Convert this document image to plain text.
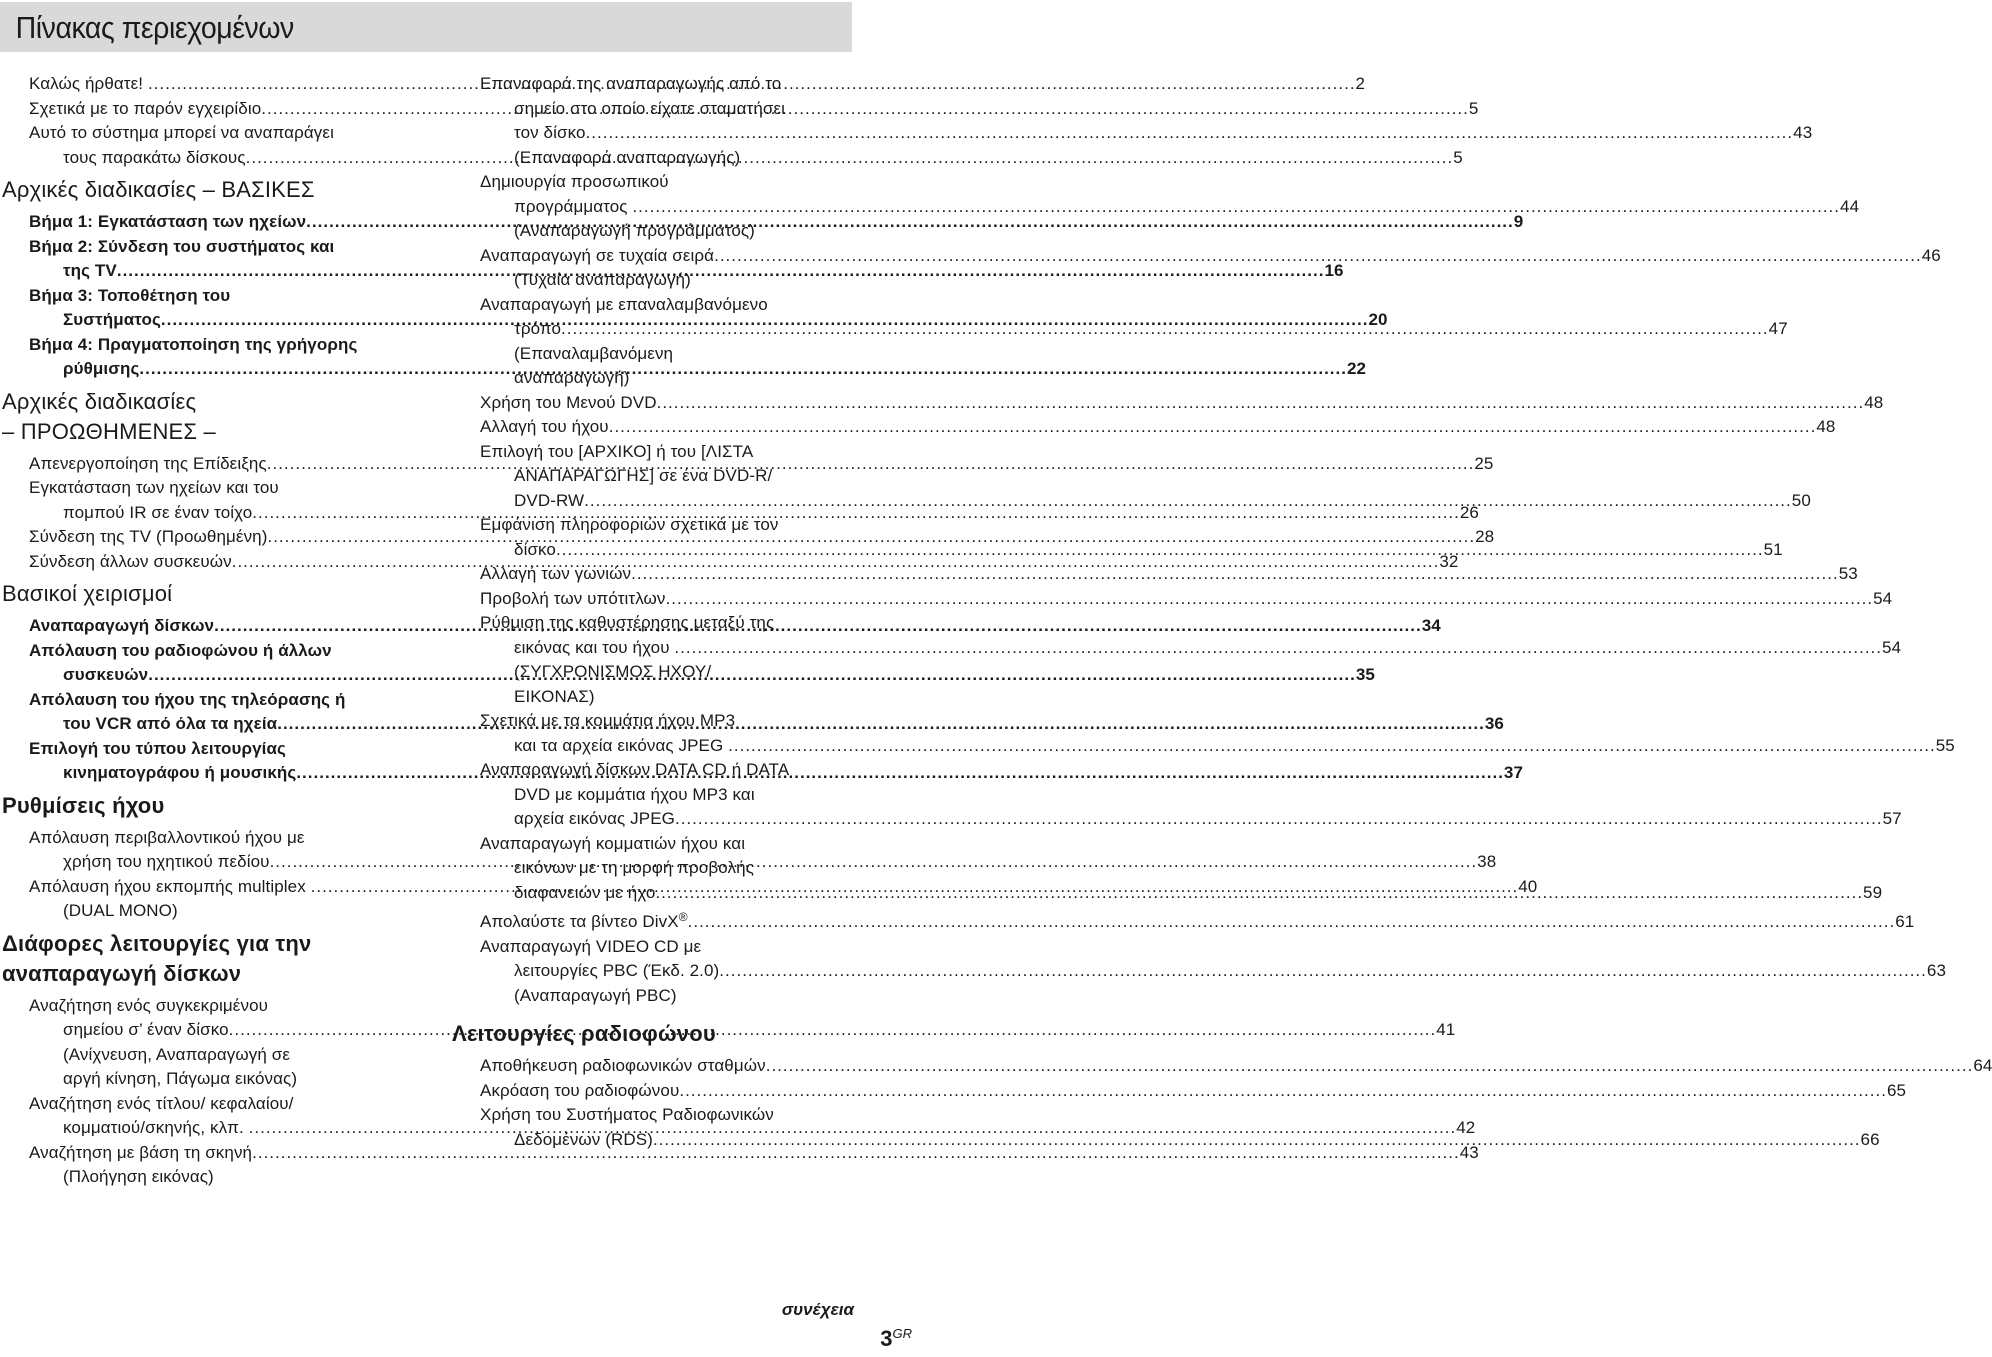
Πίνακας περιεχομένων
Καλώς ήρθατε! .....	2
Σχετικά με το παρόν εγχειρίδιο .....	5
Αυτό το σύστημα μπορεί να αναπαράγει
τους παρακάτω δίσκους .....	5
Αρχικές διαδικασίες – ΒΑΣΙΚΕΣ
Βήμα 1: Εγκατάσταση των ηχείων .....	9
Βήμα 2: Σύνδεση του συστήματος και
της TV .....	16
Βήμα 3: Τοποθέτηση του
Συστήματος .....	20
Βήμα 4: Πραγματοποίηση της γρήγορης
ρύθμισης .....	22
Αρχικές διαδικασίες
– ΠΡΟΩΘΗΜΕΝΕΣ –
Απενεργοποίηση της Επίδειξης .....	25
Εγκατάσταση των ηχείων και του
πομπού IR σε έναν τοίχο .....	26
Σύνδεση της TV (Προωθημένη) .....	28
Σύνδεση άλλων συσκευών .....	32
Βασικοί χειρισμοί
Αναπαραγωγή δίσκων .....	34
Απόλαυση του ραδιοφώνου ή άλλων
συσκευών .....	35
Απόλαυση του ήχου της τηλεόρασης ή
του VCR από όλα τα ηχεία .....	36
Επιλογή του τύπου λειτουργίας
κινηματογράφου ή μουσικής .....	37
Ρυθμίσεις ήχου
Απόλαυση περιβαλλοντικού ήχου με
χρήση του ηχητικού πεδίου .....	38
Απόλαυση ήχου εκπομπής multiplex .....	40
(DUAL MONO)
Διάφορες λειτουργίες για την
αναπαραγωγή δίσκων
Αναζήτηση ενός συγκεκριμένου
σημείου σ’ έναν δίσκο .....	41
(Ανίχνευση, Αναπαραγωγή σε
αργή κίνηση, Πάγωμα εικόνας)
Αναζήτηση ενός τίτλου/ κεφαλαίου/
κομματιού/σκηνής, κλπ. .....	42
Αναζήτηση με βάση τη σκηνή .....	43
(Πλοήγηση εικόνας)
Επαναφορά της αναπαραγωγής από το
σημείο στο οποίο είχατε σταματήσει
τον δίσκο .....	43
(Επαναφορά αναπαραγωγής)
Δημιουργία προσωπικού
προγράμματος .....	44
(Αναπαραγωγή προγράμματος)
Αναπαραγωγή σε τυχαία σειρά .....	46
(Τυχαία αναπαραγωγή)
Αναπαραγωγή με επαναλαμβανόμενο
τρόπο .....	47
(Επαναλαμβανόμενη
αναπαραγωγή)
Χρήση του Μενού DVD .....	48
Αλλαγή του ήχου .....	48
Επιλογή του [ΑΡΧΙΚΟ] ή του [ΛΙΣΤΑ
ΑΝΑΠΑΡΑΓΩΓΗΣ] σε ένα DVD-R/
DVD-RW .....	50
Εμφάνιση πληροφοριών σχετικά με τον
δίσκο .....	51
Αλλαγή των γωνιών .....	53
Προβολή των υπότιτλων .....	54
Ρύθμιση της καθυστέρησης μεταξύ της
εικόνας και του ήχου .....	54
(ΣΥΓΧΡΟΝΙΣΜΟΣ ΗΧΟΥ/
ΕΙΚΟΝΑΣ)
Σχετικά με τα κομμάτια ήχου MP3
και τα αρχεία εικόνας JPEG .....	55
Αναπαραγωγή δίσκων DATA CD ή DATA
DVD με κομμάτια ήχου MP3 και
αρχεία εικόνας JPEG .....	57
Αναπαραγωγή κομματιών ήχου και
εικόνων με τη μορφή προβολής
διαφανειών με ήχο .....	59
Απολαύστε τα βίντεο DivX® .....	61
Αναπαραγωγή VIDEO CD με
λειτουργίες PBC (Έκδ. 2.0) .....	63
(Αναπαραγωγή PBC)
Λειτουργίες ραδιοφώνου
Αποθήκευση ραδιοφωνικών σταθμών .....	64
Ακρόαση του ραδιοφώνου .....	65
Χρήση του Συστήματος Ραδιοφωνικών
Δεδομένων (RDS) .....	66
συνέχεια
$3^{GR}$
